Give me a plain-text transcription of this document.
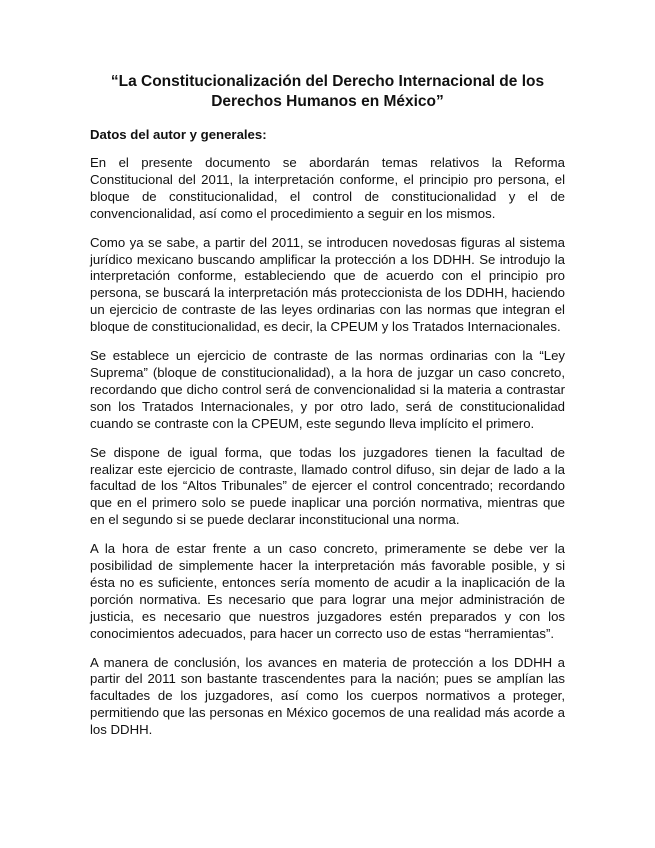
“La Constitucionalización del Derecho Internacional de los Derechos Humanos en México”
Datos del autor y generales:

En el presente documento se abordarán temas relativos la Reforma Constitucional del 2011, la interpretación conforme, el principio pro persona, el bloque de constitucionalidad, el control de constitucionalidad y el de convencionalidad, así como el procedimiento a seguir en los mismos.

Como ya se sabe, a partir del 2011, se introducen novedosas figuras al sistema jurídico mexicano buscando amplificar la protección a los DDHH. Se introdujo la interpretación conforme, estableciendo que de acuerdo con el principio pro persona, se buscará la interpretación más proteccionista de los DDHH, haciendo un ejercicio de contraste de las leyes ordinarias con las normas que integran el bloque de constitucionalidad, es decir, la CPEUM y los Tratados Internacionales.

Se establece un ejercicio de contraste de las normas ordinarias con la “Ley Suprema” (bloque de constitucionalidad), a la hora de juzgar un caso concreto, recordando que dicho control será de convencionalidad si la materia a contrastar son los Tratados Internacionales, y por otro lado, será de constitucionalidad cuando se contraste con la CPEUM, este segundo lleva implícito el primero.

Se dispone de igual forma, que todas los juzgadores tienen la facultad de realizar este ejercicio de contraste, llamado control difuso, sin dejar de lado a la facultad de los “Altos Tribunales” de ejercer el control concentrado; recordando que en el primero solo se puede inaplicar una porción normativa, mientras que en el segundo si se puede declarar inconstitucional una norma.

A la hora de estar frente a un caso concreto, primeramente se debe ver la posibilidad de simplemente hacer la interpretación más favorable posible, y si ésta no es suficiente, entonces sería momento de acudir a la inaplicación de la porción normativa. Es necesario que para lograr una mejor administración de justicia, es necesario que nuestros juzgadores estén preparados y con los conocimientos adecuados, para hacer un correcto uso de estas “herramientas”.

A manera de conclusión, los avances en materia de protección a los DDHH a partir del 2011 son bastante trascendentes para la nación; pues se amplían las facultades de los juzgadores, así como los cuerpos normativos a proteger, permitiendo que las personas en México gocemos de una realidad más acorde a los DDHH.
